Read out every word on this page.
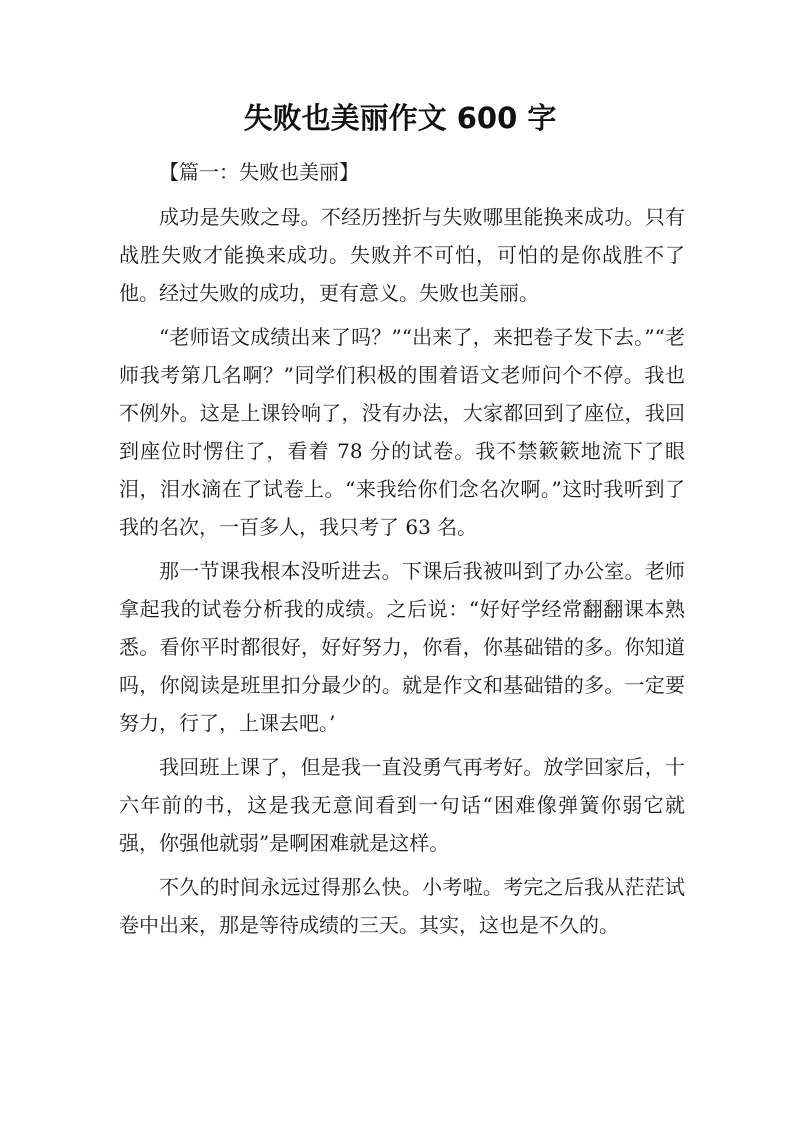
失败也美丽作文 600 字

【篇一：失败也美丽】

成功是失败之母。不经历挫折与失败哪里能换来成功。只有战胜失败才能换来成功。失败并不可怕，可怕的是你战胜不了他。经过失败的成功，更有意义。失败也美丽。

“老师语文成绩出来了吗？”“出来了，来把卷子发下去。”“老师我考第几名啊？”同学们积极的围着语文老师问个不停。我也不例外。这是上课铃响了，没有办法，大家都回到了座位，我回到座位时愣住了，看着 78 分的试卷。我不禁簌簌地流下了眼泪，泪水滴在了试卷上。“来我给你们念名次啊。”这时我听到了我的名次，一百多人，我只考了 63 名。

那一节课我根本没听进去。下课后我被叫到了办公室。老师拿起我的试卷分析我的成绩。之后说：“好好学经常翻翻课本熟悉。看你平时都很好，好好努力，你看，你基础错的多。你知道吗，你阅读是班里扣分最少的。就是作文和基础错的多。一定要努力，行了，上课去吧。’

我回班上课了，但是我一直没勇气再考好。放学回家后，十六年前的书，这是我无意间看到一句话“困难像弹簧你弱它就强，你强他就弱”是啊困难就是这样。

不久的时间永远过得那么快。小考啦。考完之后我从茫茫试卷中出来，那是等待成绩的三天。其实，这也是不久的。
